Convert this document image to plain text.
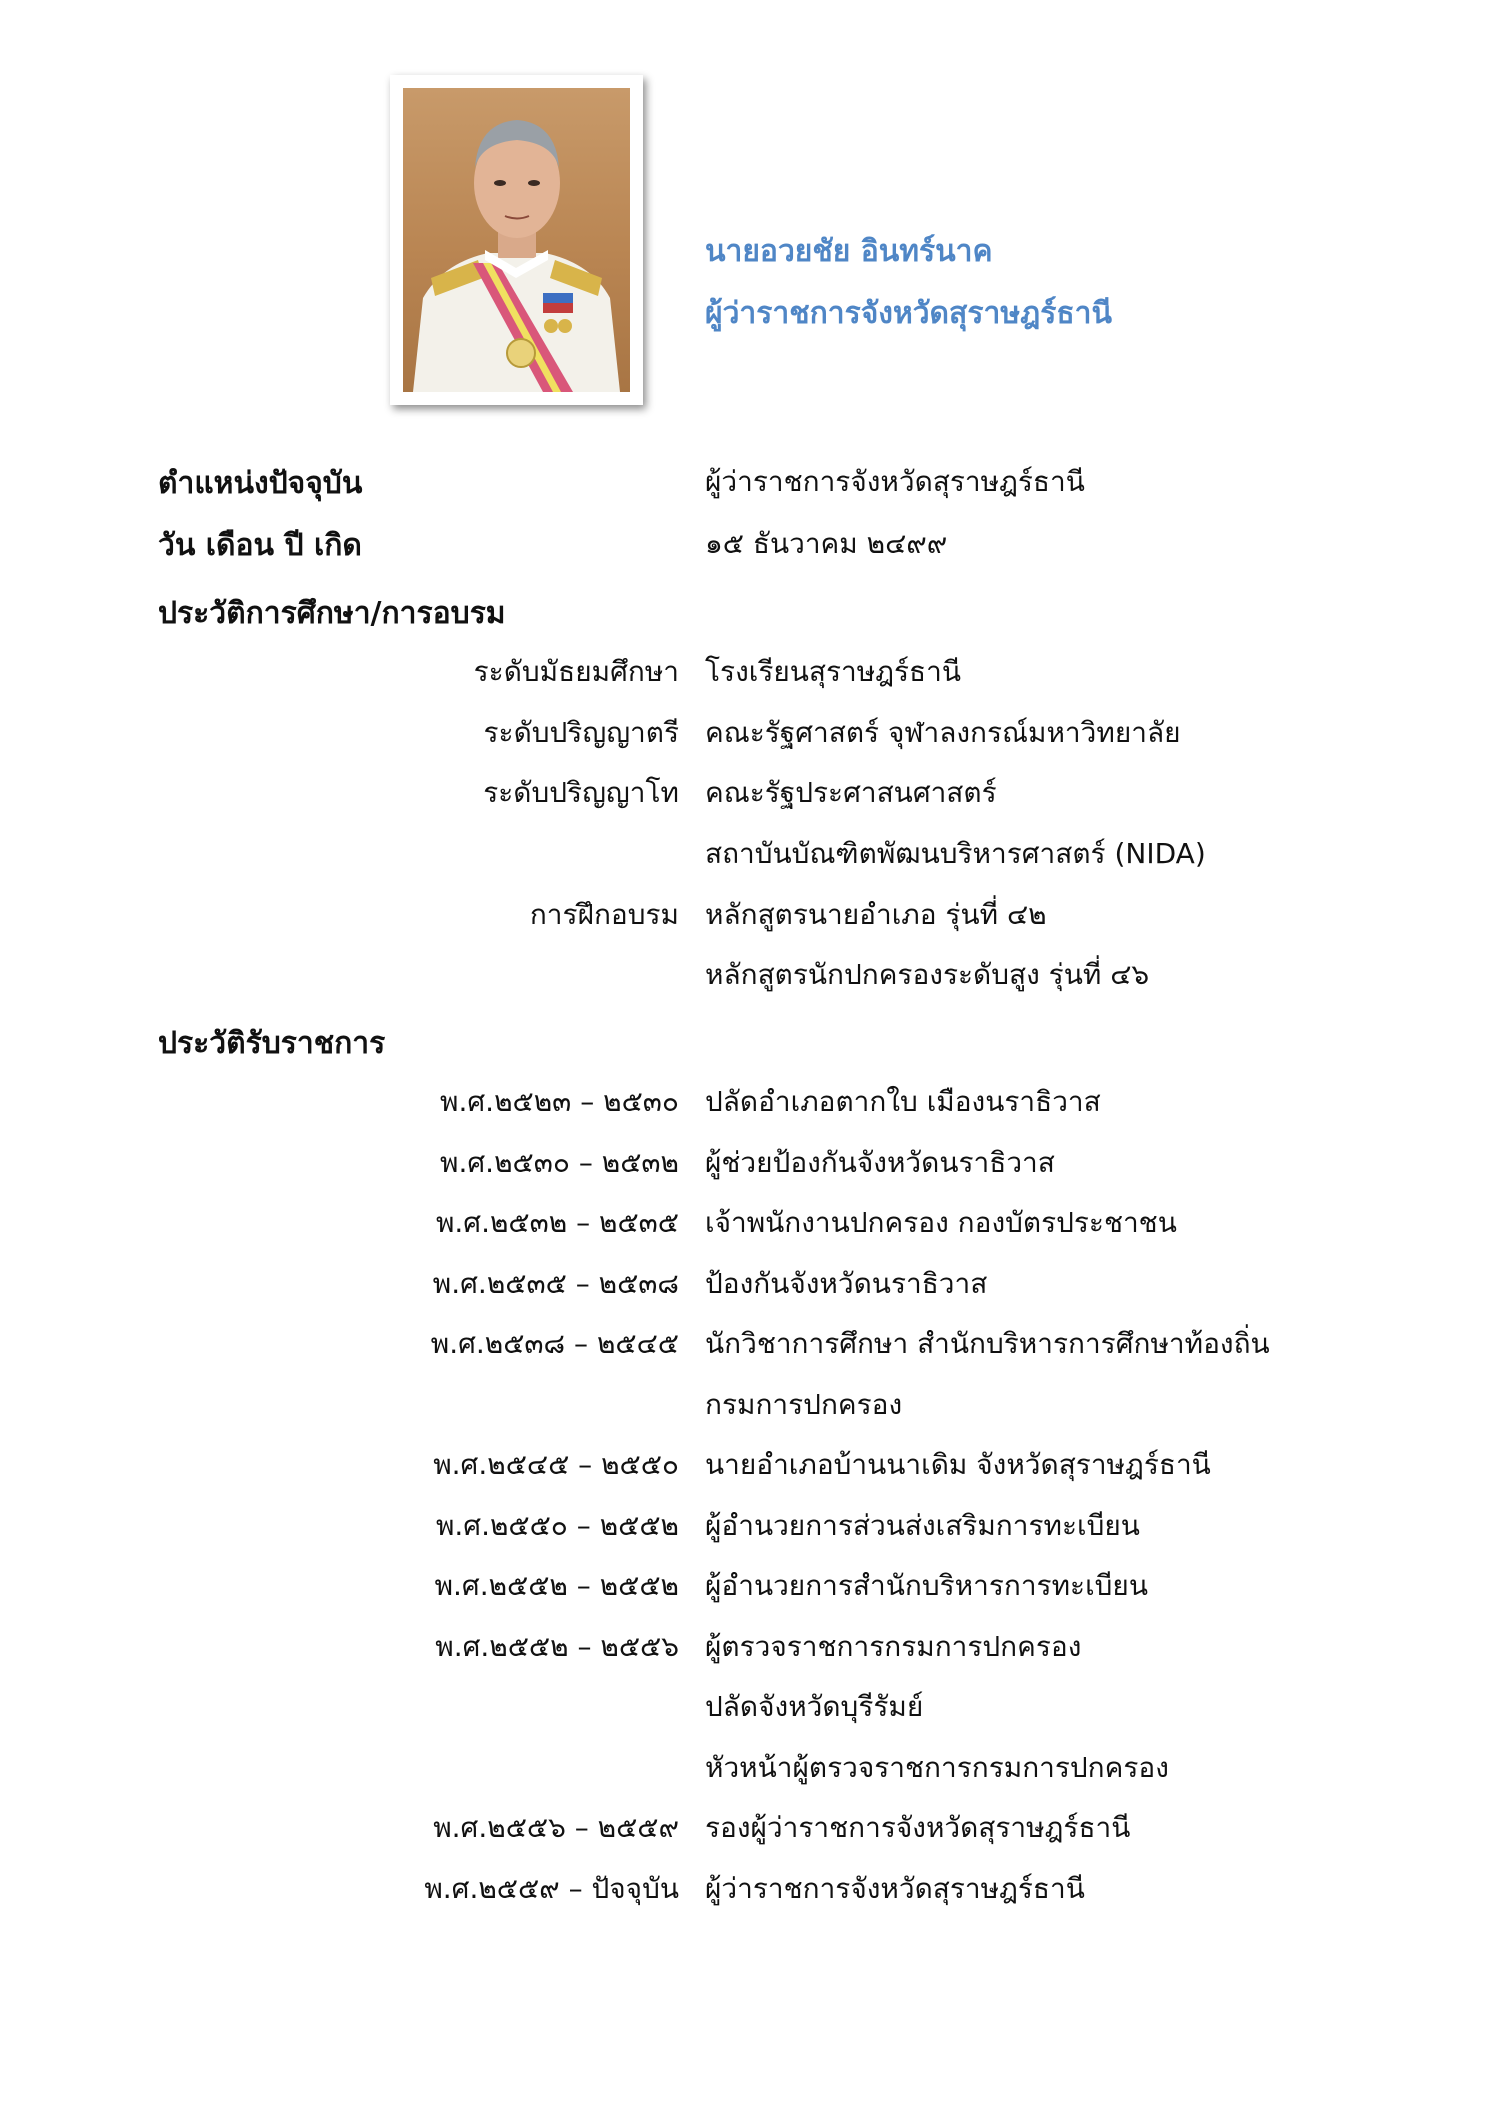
นายอวยชัย อินทร์นาค
ผู้ว่าราชการจังหวัดสุราษฎร์ธานี
ตำแหน่งปัจจุบัน	ผู้ว่าราชการจังหวัดสุราษฎร์ธานี
วัน เดือน ปี เกิด	๑๕ ธันวาคม ๒๔๙๙
ประวัติการศึกษา/การอบรม
ระดับมัธยมศึกษา โรงเรียนสุราษฎร์ธานี
ระดับปริญญาตรี คณะรัฐศาสตร์ จุฬาลงกรณ์มหาวิทยาลัย
ระดับปริญญาโท คณะรัฐประศาสนศาสตร์
สถาบันบัณฑิตพัฒนบริหารศาสตร์ (NIDA)
การฝึกอบรม หลักสูตรนายอำเภอ รุ่นที่ ๔๒
หลักสูตรนักปกครองระดับสูง รุ่นที่ ๔๖
ประวัติรับราชการ
พ.ศ.๒๕๒๓ – ๒๕๓๐ ปลัดอำเภอตากใบ เมืองนราธิวาส
พ.ศ.๒๕๓๐ – ๒๕๓๒ ผู้ช่วยป้องกันจังหวัดนราธิวาส
พ.ศ.๒๕๓๒ – ๒๕๓๕ เจ้าพนักงานปกครอง กองบัตรประชาชน
พ.ศ.๒๕๓๕ – ๒๕๓๘ ป้องกันจังหวัดนราธิวาส
พ.ศ.๒๕๓๘ – ๒๕๔๕ นักวิชาการศึกษา สำนักบริหารการศึกษาท้องถิ่น
กรมการปกครอง
พ.ศ.๒๕๔๕ – ๒๕๕๐ นายอำเภอบ้านนาเดิม จังหวัดสุราษฎร์ธานี
พ.ศ.๒๕๕๐ – ๒๕๕๒ ผู้อำนวยการส่วนส่งเสริมการทะเบียน
พ.ศ.๒๕๕๒ – ๒๕๕๒ ผู้อำนวยการสำนักบริหารการทะเบียน
พ.ศ.๒๕๕๒ – ๒๕๕๖ ผู้ตรวจราชการกรมการปกครอง
ปลัดจังหวัดบุรีรัมย์
หัวหน้าผู้ตรวจราชการกรมการปกครอง
พ.ศ.๒๕๕๖ – ๒๕๕๙ รองผู้ว่าราชการจังหวัดสุราษฎร์ธานี
พ.ศ.๒๕๕๙ – ปัจจุบัน ผู้ว่าราชการจังหวัดสุราษฎร์ธานี
